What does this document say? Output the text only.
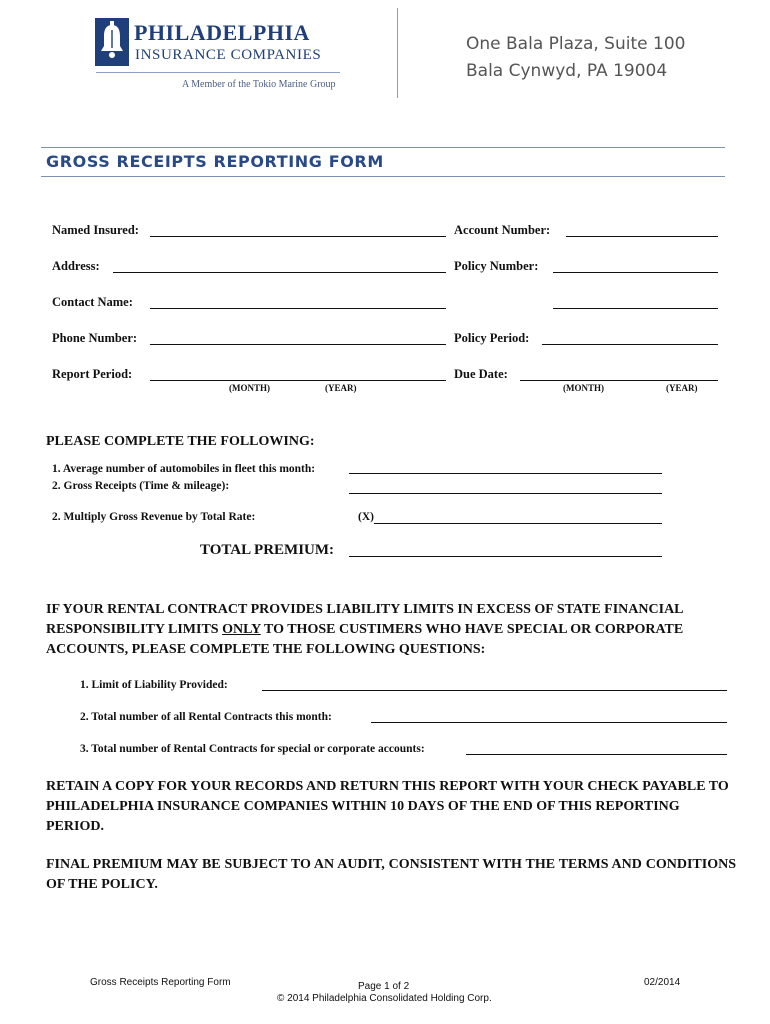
PHILADELPHIA
INSURANCE COMPANIES
A Member of the Tokio Marine Group
One Bala Plaza, Suite 100
Bala Cynwyd, PA 19004
GROSS RECEIPTS REPORTING FORM
Named Insured:	Account Number:
Address:	Policy Number:
Contact Name:
Phone Number:	Policy Period:
Report Period:	Due Date:
(MONTH)	(YEAR)	(MONTH)	(YEAR)
PLEASE COMPLETE THE FOLLOWING:
1. Average number of automobiles in fleet this month:
2. Gross Receipts (Time & mileage):
2. Multiply Gross Revenue by Total Rate:	(X)
TOTAL PREMIUM:
IF YOUR RENTAL CONTRACT PROVIDES LIABILITY LIMITS IN EXCESS OF STATE FINANCIAL RESPONSIBILITY LIMITS ONLY TO THOSE CUSTIMERS WHO HAVE SPECIAL OR CORPORATE ACCOUNTS, PLEASE COMPLETE THE FOLLOWING QUESTIONS:
1. Limit of Liability Provided:
2. Total number of all Rental Contracts this month:
3. Total number of Rental Contracts for special or corporate accounts:
RETAIN A COPY FOR YOUR RECORDS AND RETURN THIS REPORT WITH YOUR CHECK PAYABLE TO PHILADELPHIA INSURANCE COMPANIES WITHIN 10 DAYS OF THE END OF THIS REPORTING PERIOD.
FINAL PREMIUM MAY BE SUBJECT TO AN AUDIT, CONSISTENT WITH THE TERMS AND CONDITIONS OF THE POLICY.
Gross Receipts Reporting Form	Page 1 of 2	02/2014
© 2014 Philadelphia Consolidated Holding Corp.
